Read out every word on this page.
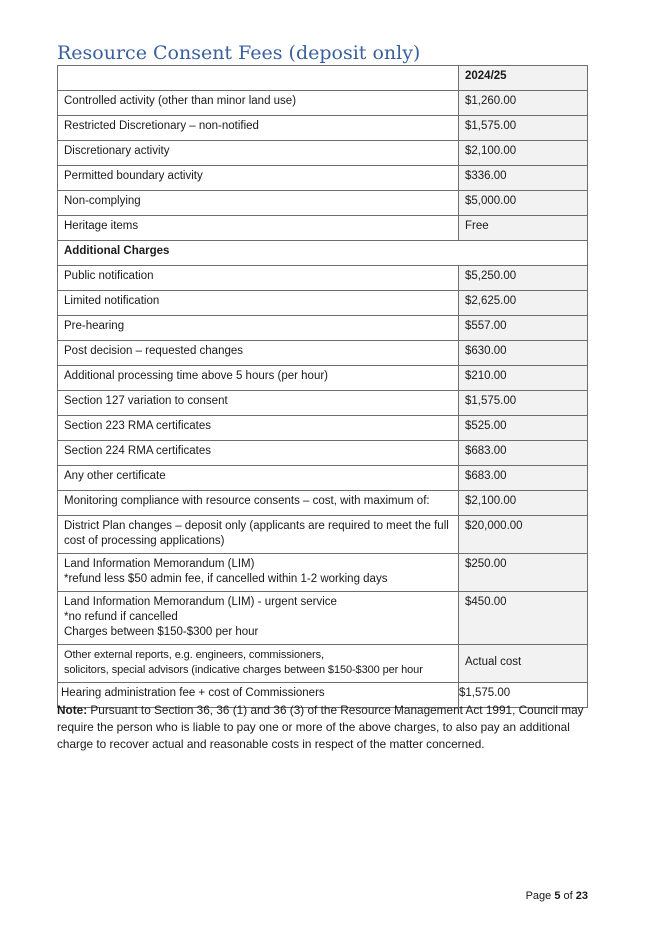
Resource Consent Fees (deposit only)
	2024/25
Controlled activity (other than minor land use)	$1,260.00
Restricted Discretionary – non-notified	$1,575.00
Discretionary activity	$2,100.00
Permitted boundary activity	$336.00
Non-complying	$5,000.00
Heritage items	Free
Additional Charges	
Public notification	$5,250.00
Limited notification	$2,625.00
Pre-hearing	$557.00
Post decision – requested changes	$630.00
Additional processing time above 5 hours (per hour)	$210.00
Section 127 variation to consent	$1,575.00
Section 223 RMA certificates	$525.00
Section 224 RMA certificates	$683.00
Any other certificate	$683.00
Monitoring compliance with resource consents – cost, with maximum of:	$2,100.00
District Plan changes – deposit only (applicants are required to meet the full cost of processing applications)	$20,000.00
Land Information Memorandum (LIM)
*refund less $50 admin fee, if cancelled within 1-2 working days	$250.00
Land Information Memorandum (LIM) - urgent service
*no refund if cancelled
Charges between $150-$300 per hour	$450.00
Other external reports, e.g. engineers, commissioners,
solicitors, special advisors (indicative charges between $150-$300 per hour	Actual cost
Hearing administration fee + cost of Commissioners	$1,575.00

Note: Pursuant to Section 36, 36 (1) and 36 (3) of the Resource Management Act 1991, Council may require the person who is liable to pay one or more of the above charges, to also pay an additional charge to recover actual and reasonable costs in respect of the matter concerned.

Page 5 of 23
